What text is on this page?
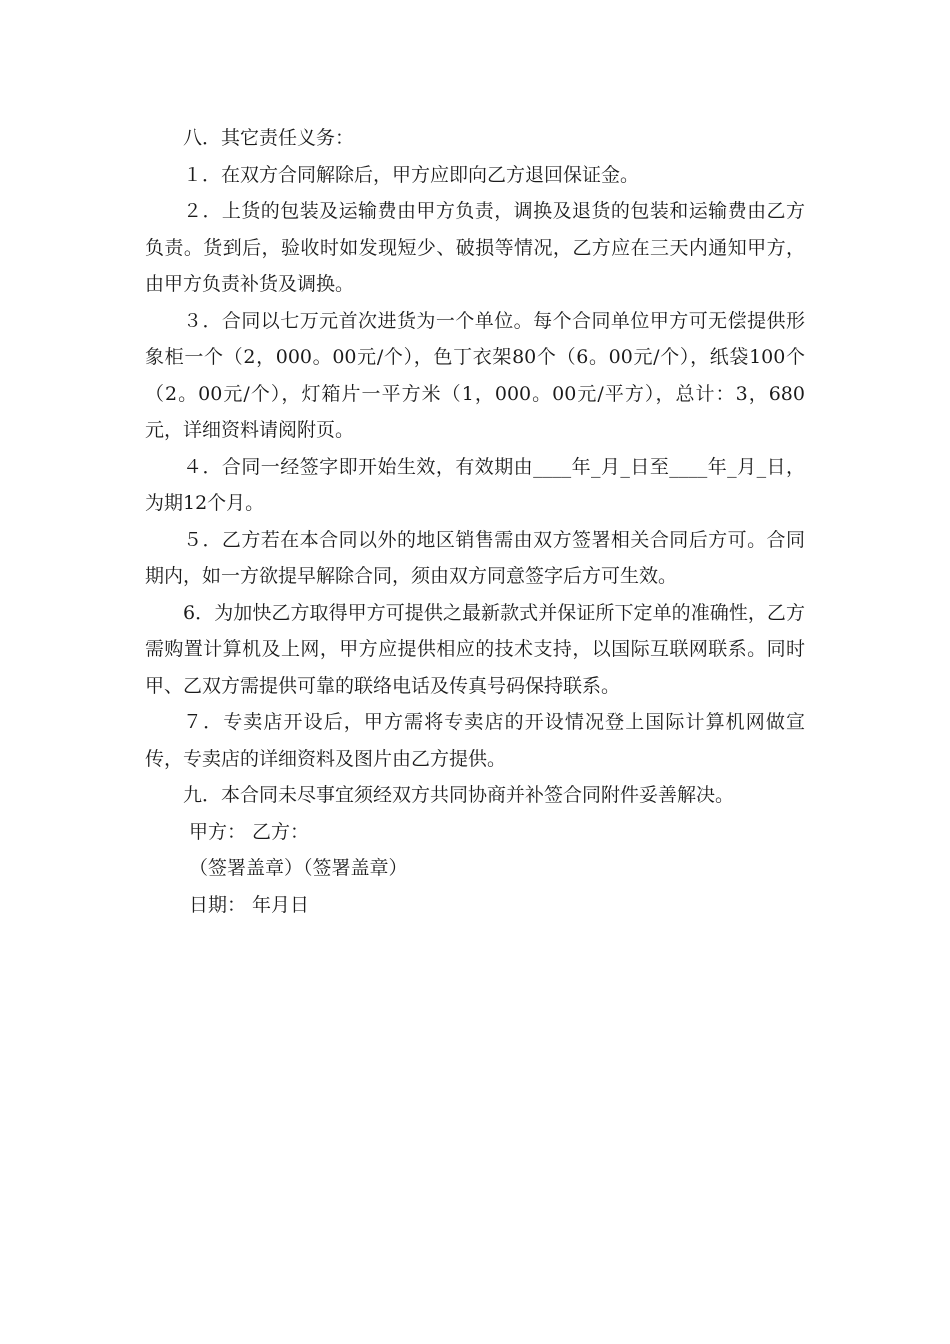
八．其它责任义务：

１．在双方合同解除后，甲方应即向乙方退回保证金。

２．上货的包装及运输费由甲方负责，调换及退货的包装和运输费由乙方负责。货到后，验收时如发现短少、破损等情况，乙方应在三天内通知甲方，由甲方负责补货及调换。

３．合同以七万元首次进货为一个单位。每个合同单位甲方可无偿提供形象柜一个（2，000。00元/个），色丁衣架80个（6。00元/个），纸袋100个（2。00元/个），灯箱片一平方米（1，000。00元/平方），总计：3，680元，详细资料请阅附页。

４．合同一经签字即开始生效，有效期由____年_月_日至____年_月_日，为期12个月。

５．乙方若在本合同以外的地区销售需由双方签署相关合同后方可。合同期内，如一方欲提早解除合同，须由双方同意签字后方可生效。

6．为加快乙方取得甲方可提供之最新款式并保证所下定单的准确性，乙方需购置计算机及上网，甲方应提供相应的技术支持，以国际互联网联系。同时甲、乙双方需提供可靠的联络电话及传真号码保持联系。

７．专卖店开设后，甲方需将专卖店的开设情况登上国际计算机网做宣传，专卖店的详细资料及图片由乙方提供。

九．本合同未尽事宜须经双方共同协商并补签合同附件妥善解决。

甲方： 乙方：

（签署盖章）（签署盖章）

日期： 年月日
